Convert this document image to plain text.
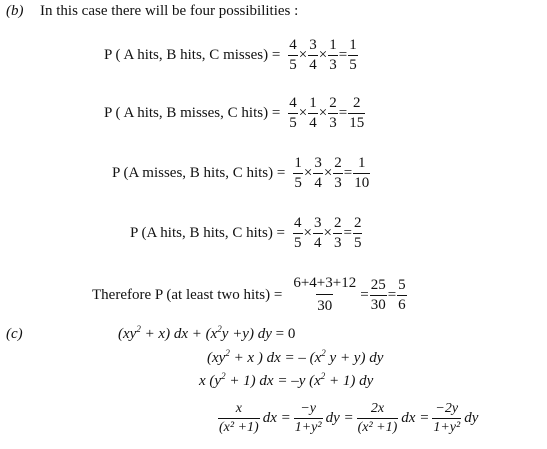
(b) In this case there will be four possibilities :
P ( A hits, B hits, C misses) = $\frac{4}{5} \times \frac{3}{4} \times \frac{1}{3} = \frac{1}{5}$
P ( A hits, B misses, C hits) = $\frac{4}{5} \times \frac{1}{4} \times \frac{2}{3} = \frac{2}{15}$
P (A misses, B hits, C hits) = $\frac{1}{5} \times \frac{3}{4} \times \frac{2}{3} = \frac{1}{10}$
P (A hits, B hits, C hits) = $\frac{4}{5} \times \frac{3}{4} \times \frac{2}{3} = \frac{2}{5}$
Therefore P (at least two hits) = $\frac{6+4+3+12}{30} = \frac{25}{30} = \frac{5}{6}$
(c)	$(xy^2 + x)$ dx + $(x^2y +y)$ dy = 0
($xy^2 + x$ ) dx = – ($x^2$ y + y) dy
x $(y^2 + 1)$ dx = –y $(x^2 + 1)$ dy
$\frac{x}{\text{(x² +1)}}$ dx = $\frac{-y}{\text{1+y²}}$ dy = $\frac{2x}{\text{(x² +1)}}$ dx = $\frac{-2y}{\text{1+y²}}$ dy
